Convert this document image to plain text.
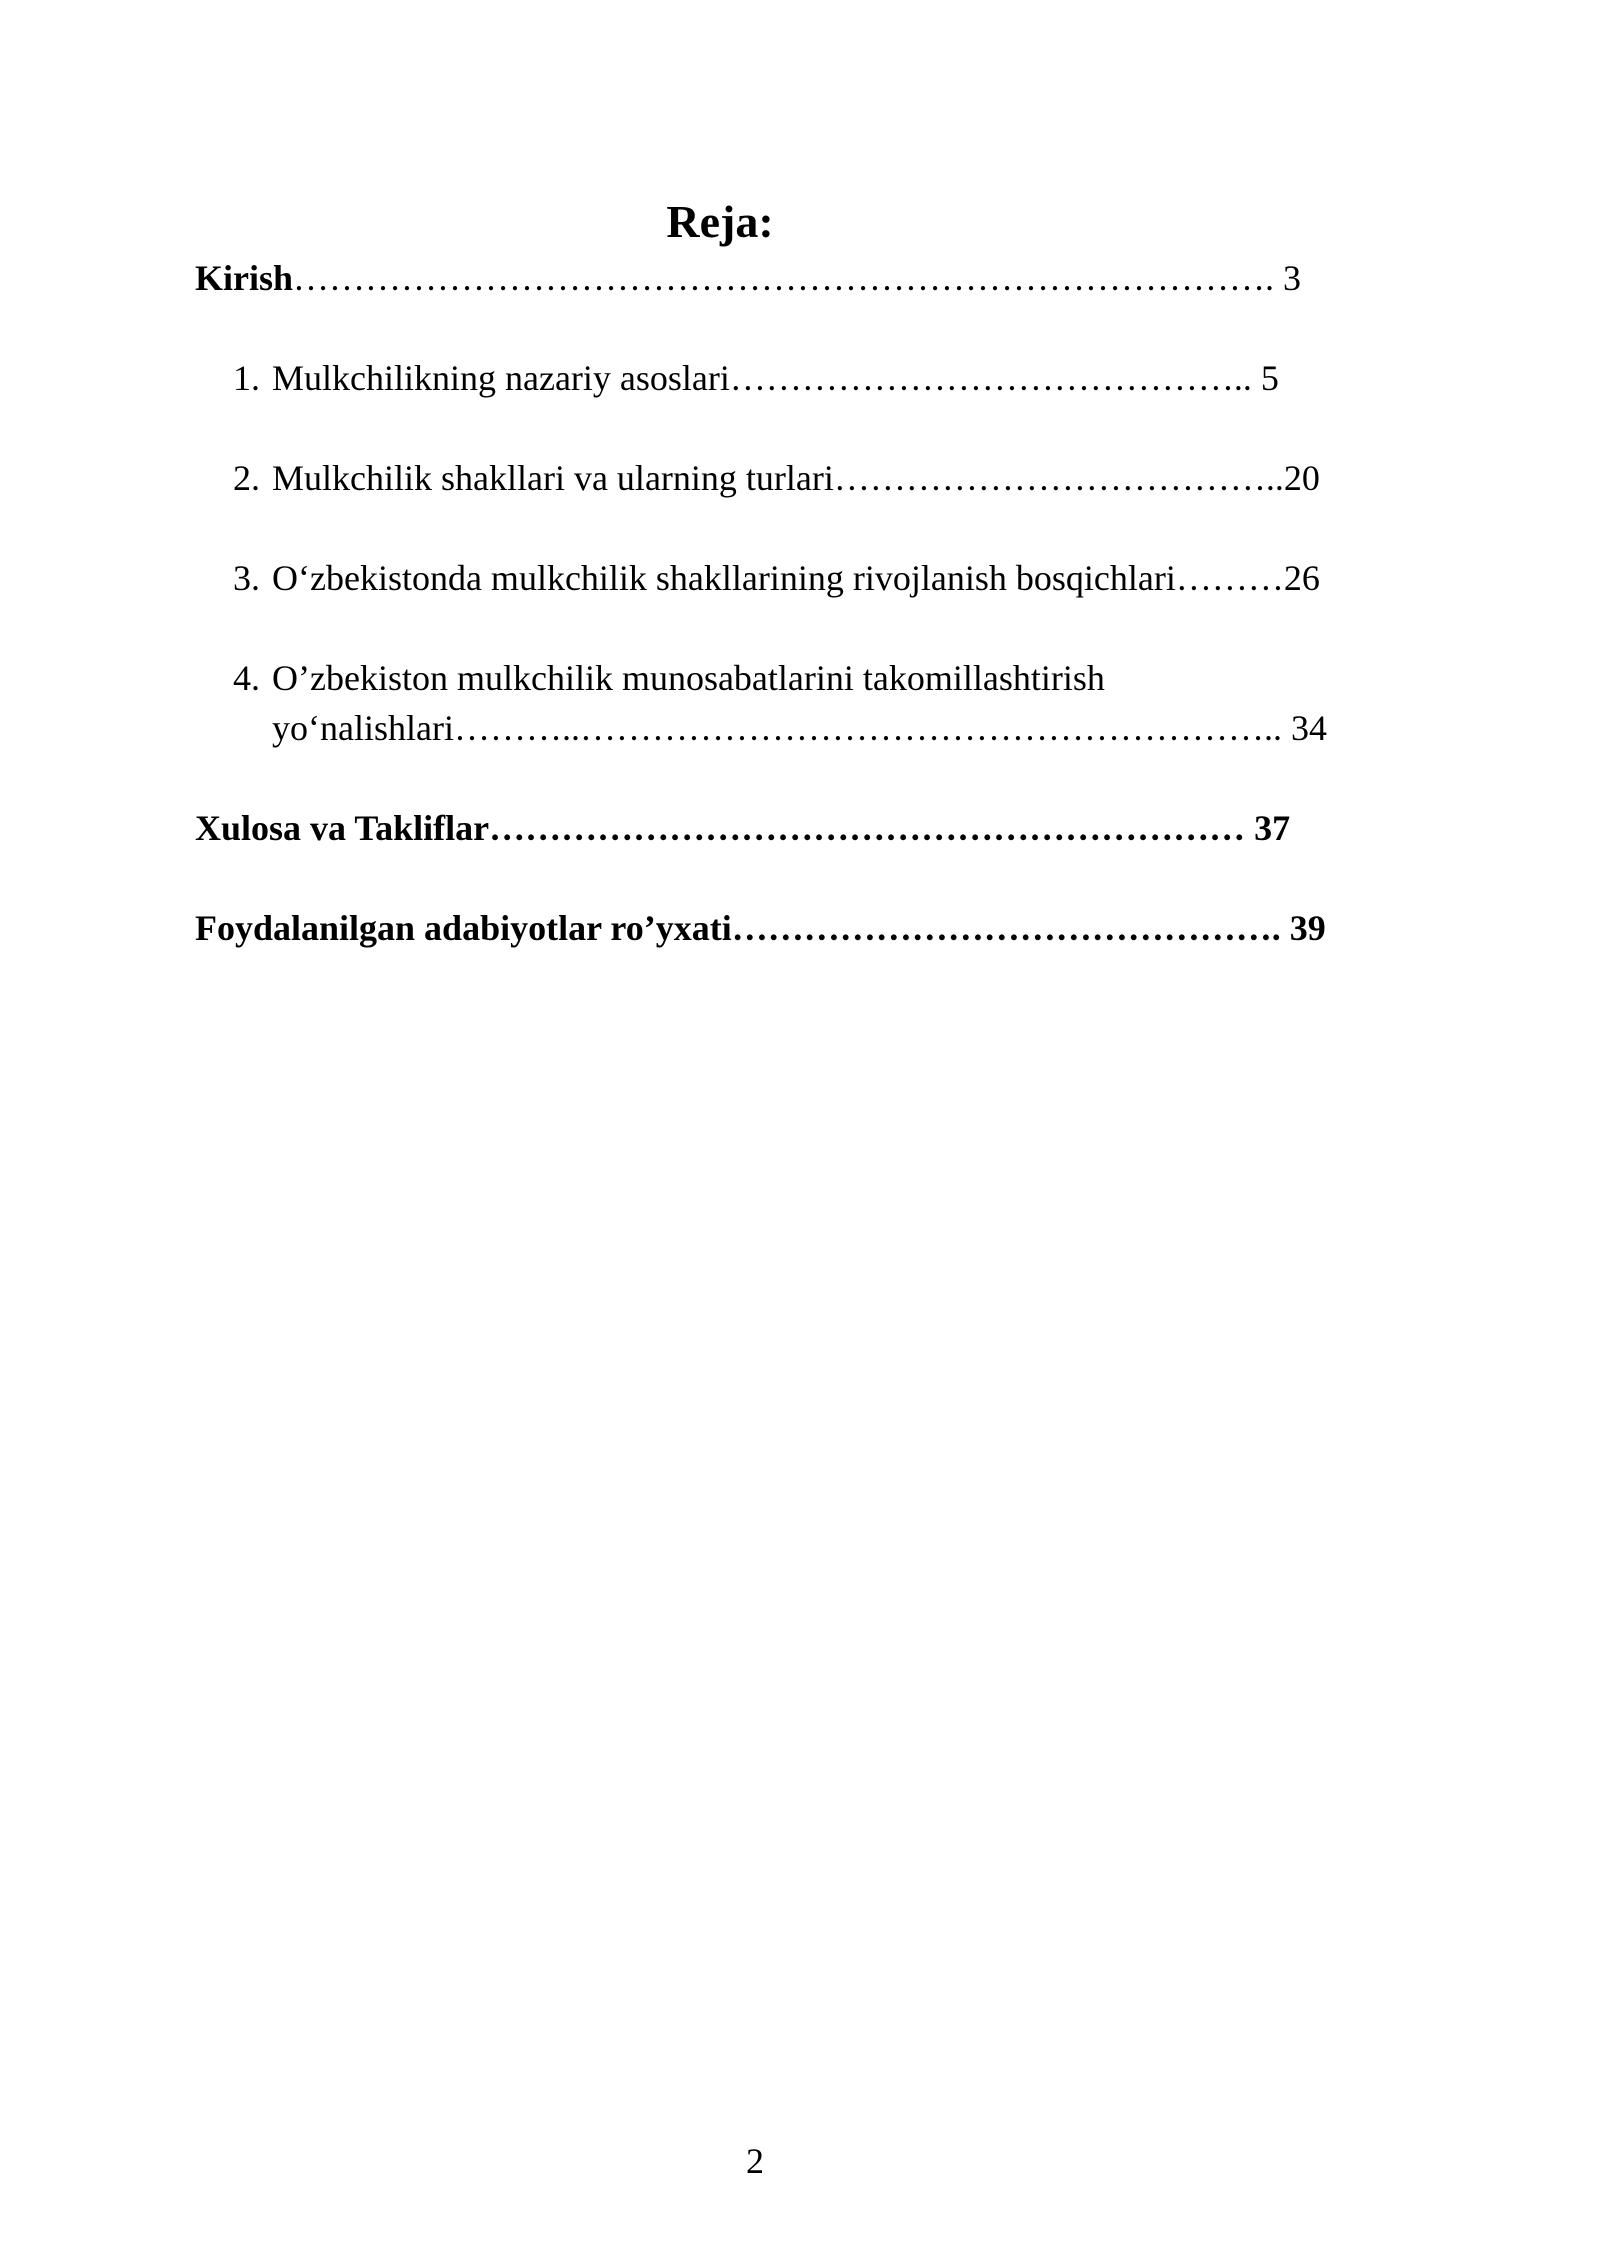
Reja:
Kirish………………………………………………………………………. 3
1. Mulkchilikning nazariy asoslari…………………………………….. 5
2. Mulkchilik shakllari va ularning turlari………………………………..20
3. O‘zbekistonda mulkchilik shakllarining rivojlanish bosqichlari………26
4. O’zbekiston mulkchilik munosabatlarini takomillashtirish
yo‘nalishlari………..………………………………………………….. 34
Xulosa va Takliflar……………………………………………………… 37
Foydalanilgan adabiyotlar ro’yxati………………………………………. 39
2
